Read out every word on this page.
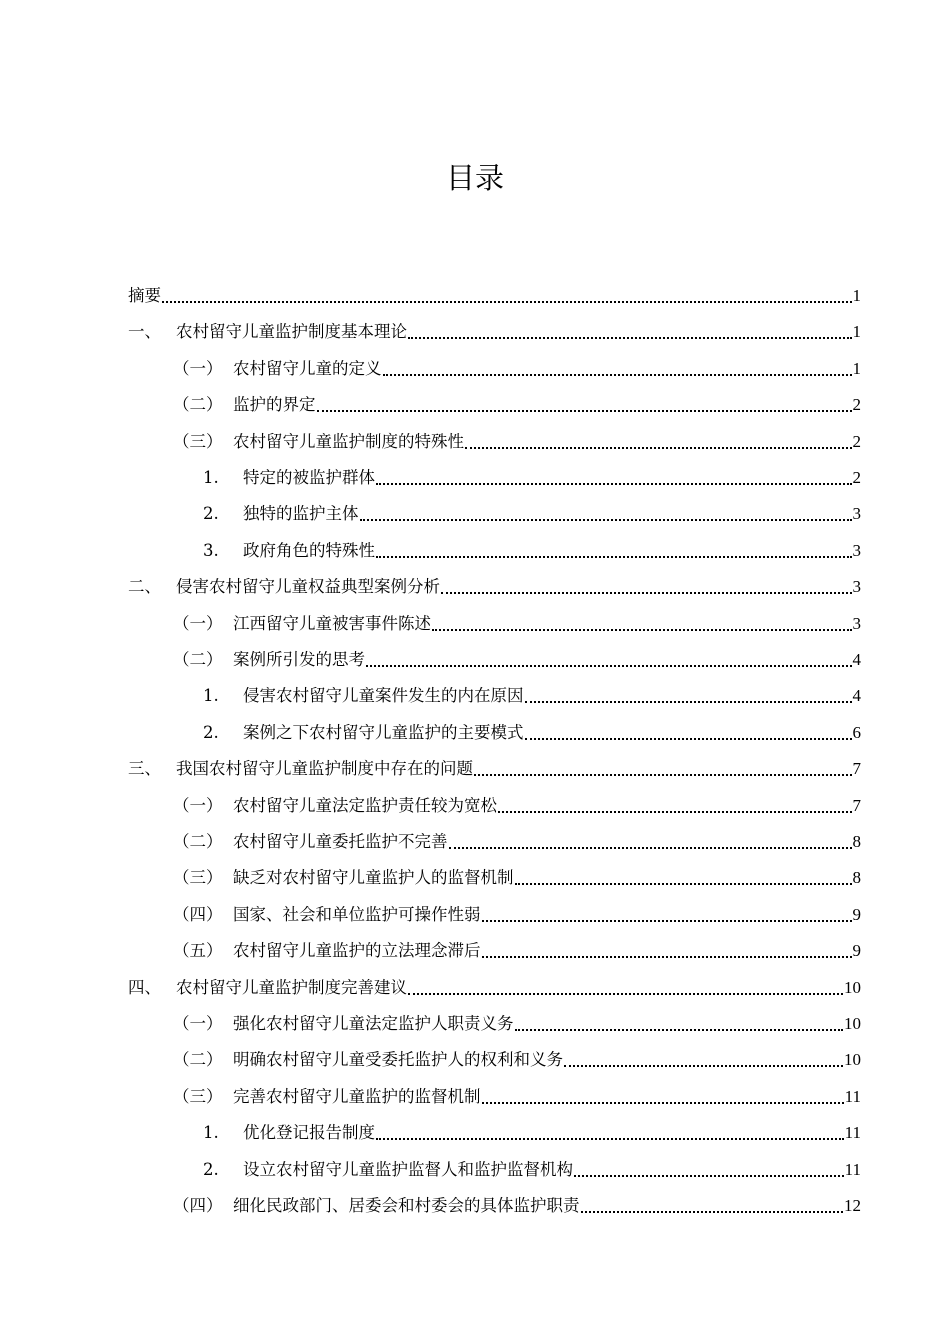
目录
摘要	1
一、 农村留守儿童监护制度基本理论	1
（一） 农村留守儿童的定义	1
（二） 监护的界定	2
（三） 农村留守儿童监护制度的特殊性	2
1.	特定的被监护群体	2
2.	独特的监护主体	3
3.	政府角色的特殊性	3
二、 侵害农村留守儿童权益典型案例分析	3
（一） 江西留守儿童被害事件陈述	3
（二） 案例所引发的思考	4
1.	侵害农村留守儿童案件发生的内在原因	4
2.	案例之下农村留守儿童监护的主要模式	6
三、 我国农村留守儿童监护制度中存在的问题	7
（一） 农村留守儿童法定监护责任较为宽松	7
（二） 农村留守儿童委托监护不完善	8
（三） 缺乏对农村留守儿童监护人的监督机制	8
（四） 国家、社会和单位监护可操作性弱	9
（五） 农村留守儿童监护的立法理念滞后	9
四、 农村留守儿童监护制度完善建议	10
（一） 强化农村留守儿童法定监护人职责义务	10
（二） 明确农村留守儿童受委托监护人的权利和义务	10
（三） 完善农村留守儿童监护的监督机制	11
1.	优化登记报告制度	11
2.	设立农村留守儿童监护监督人和监护监督机构	11
（四） 细化民政部门、居委会和村委会的具体监护职责	12
